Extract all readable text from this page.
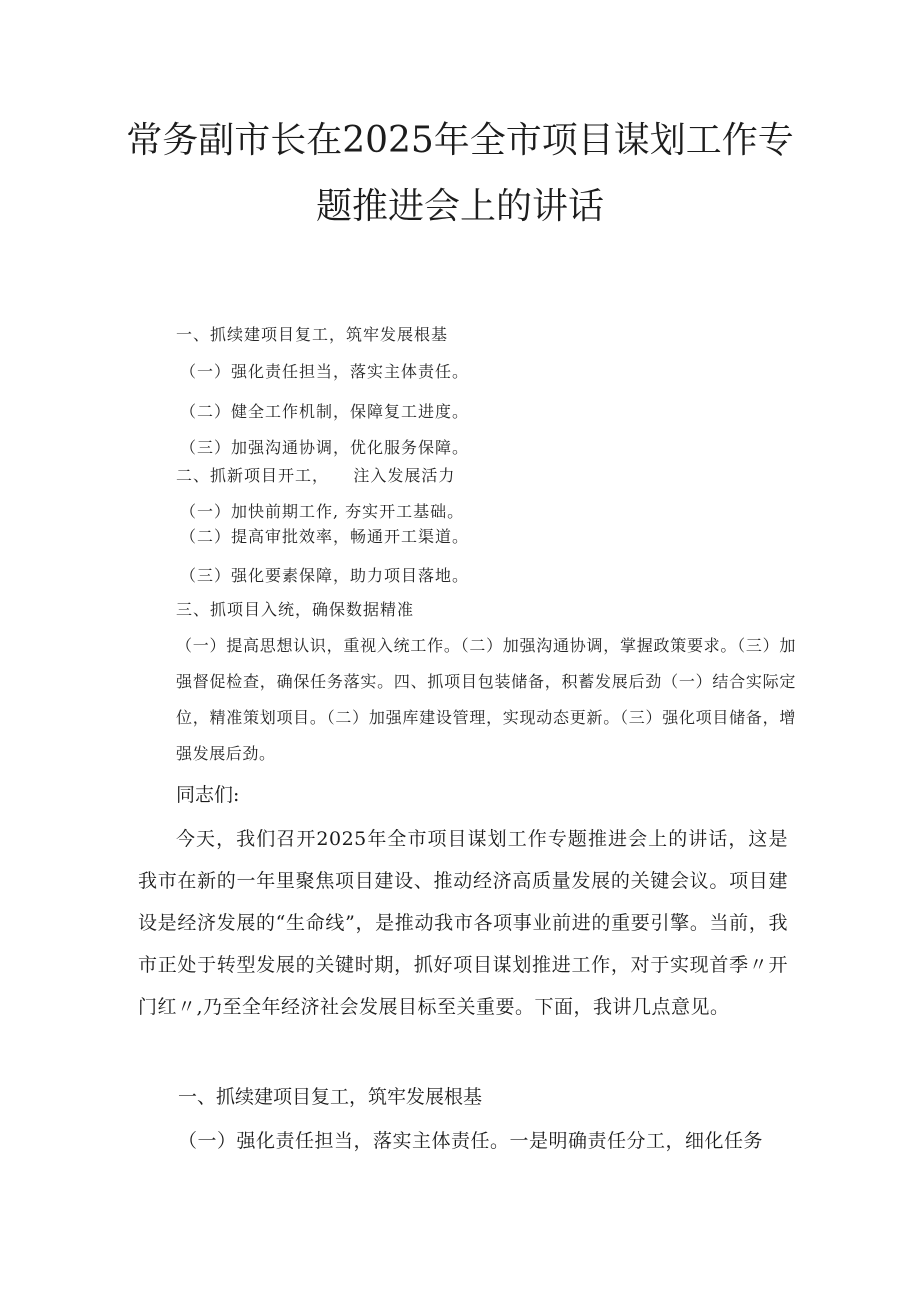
常务副市长在2025年全市项目谋划工作专
题推进会上的讲话
一、抓续建项目复工，筑牢发展根基
（一）强化责任担当，落实主体责任。
（二）健全工作机制，保障复工进度。
（三）加强沟通协调，优化服务保障。
二、抓新项目开工，    注入发展活力
（一）加快前期工作, 夯实开工基础。
（二）提高审批效率，畅通开工渠道。
（三）强化要素保障，助力项目落地。
三、抓项目入统，确保数据精准
（一）提高思想认识，重视入统工作。（二）加强沟通协调，掌握政策要求。（三）加强督促检查，确保任务落实。四、抓项目包装储备，积蓄发展后劲（一）结合实际定位，精准策划项目。（二）加强库建设管理，实现动态更新。（三）强化项目储备，增强发展后劲。
同志们:
今天，我们召开2025年全市项目谋划工作专题推进会上的讲话，这是我市在新的一年里聚焦项目建设、推动经济高质量发展的关键会议。项目建设是经济发展的“生命线”，是推动我市各项事业前进的重要引擎。当前，我市正处于转型发展的关键时期，抓好项目谋划推进工作，对于实现首季〃开门红〃,乃至全年经济社会发展目标至关重要。下面，我讲几点意见。
一、抓续建项目复工，筑牢发展根基
（一）强化责任担当，落实主体责任。一是明确责任分工，细化任务
